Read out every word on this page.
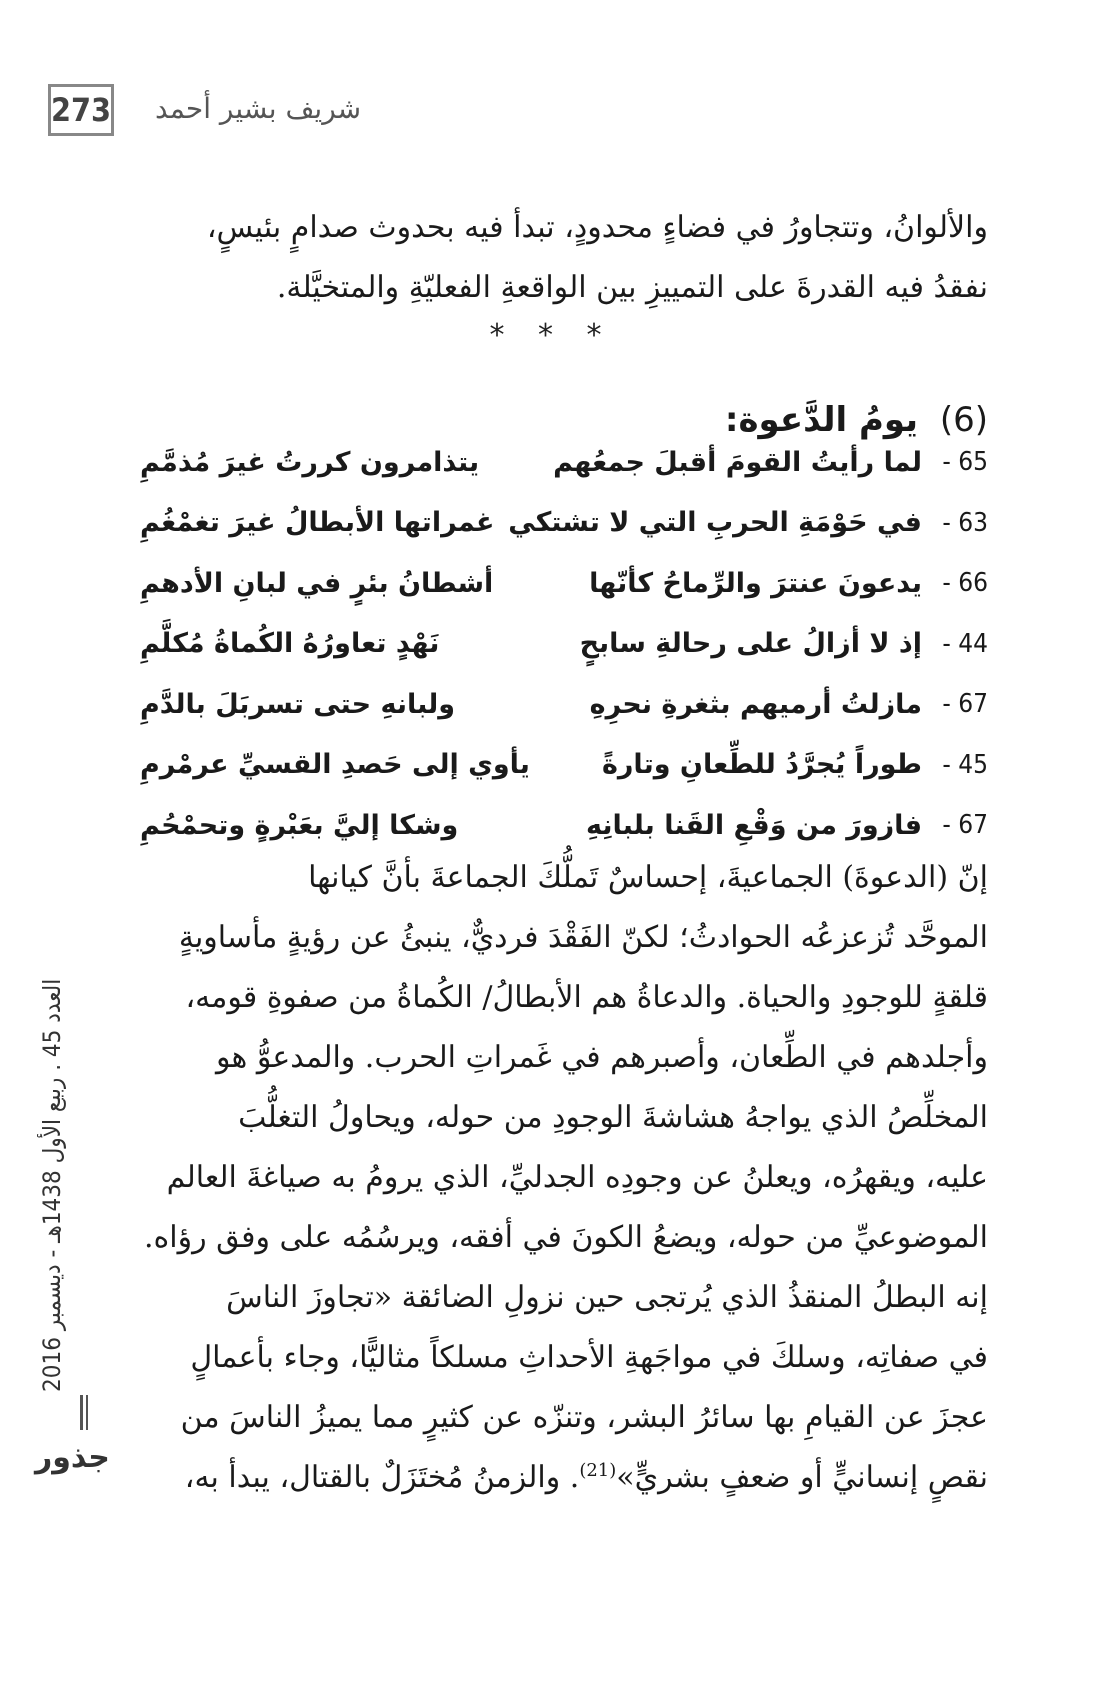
273 شريف بشير أحمد

والألوانُ، وتتجاورُ في فضاءٍ محدودٍ، تبدأ فيه بحدوث صدامٍ بئيسٍ،

نفقدُ فيه القدرةَ على التمييزِ بين الواقعةِ الفعليّةِ والمتخيَّلة.

* * *
(6) يومُ الدَّعوة:
65 -
لما رأيتُ القومَ أقبلَ جمعُهم
يتذامرون كررتُ غيرَ مُذمَّمِ
63 -
في حَوْمَةِ الحربِ التي لا تشتكي
غمراتها الأبطالُ غيرَ تغمْغُمِ
66 -
يدعونَ عنترَ والرِّماحُ كأنّها
أشطانُ بئرٍ في لبانِ الأدهمِ
44 -
إذ لا أزالُ على رحالةِ سابحٍ
نَهْدٍ تعاورُهُ الكُماةُ مُكلَّمِ
67 -
مازلتُ أرميهم بثغرةِ نحرِهِ
ولبانهِ حتى تسربَلَ بالدَّمِ
45 -
طوراً يُجرَّدُ للطِّعانِ وتارةً
يأوي إلى حَصدِ القسيِّ عرمْرمِ
67 -
فازورَ من وَقْعِ القَنا بلبانِهِ
وشكا إليَّ بعَبْرةٍ وتحمْحُمِ

إنّ (الدعوةَ) الجماعيةَ، إحساسٌ تَملُّكَ الجماعةَ بأنَّ كيانها

الموحَّد تُزعزعُه الحوادثُ؛ لكنّ الفَقْدَ فرديٌّ، ينبئُ عن رؤيةٍ مأساويةٍ

قلقةٍ للوجودِ والحياة. والدعاةُ هم الأبطالُ/ الكُماةُ من صفوةِ قومه،

وأجلدهم في الطِّعان، وأصبرهم في غَمراتِ الحرب. والمدعوُّ هو

المخلِّصُ الذي يواجهُ هشاشةَ الوجودِ من حوله، ويحاولُ التغلُّبَ

عليه، ويقهرُه، ويعلنُ عن وجودِه الجدليِّ، الذي يرومُ به صياغةَ العالم

الموضوعيِّ من حوله، ويضعُ الكونَ في أفقه، ويرسُمُه على وفق رؤاه.

إنه البطلُ المنقذُ الذي يُرتجى حين نزولِ الضائقة «تجاوزَ الناسَ

في صفاتِه، وسلكَ في مواجَهةِ الأحداثِ مسلكاً مثاليًّا، وجاء بأعمالٍ

عجزَ عن القيامِ بها سائرُ البشر، وتنزّه عن كثيرٍ مما يميزُ الناسَ من

نقصٍ إنسانيٍّ أو ضعفٍ بشريٍّ»$^{(21)}$. والزمنُ مُختَزَلٌ بالقتال، يبدأ به،

العدد 45 . ربيع الأول 1438هـ - ديسمبر 2016
جذور
